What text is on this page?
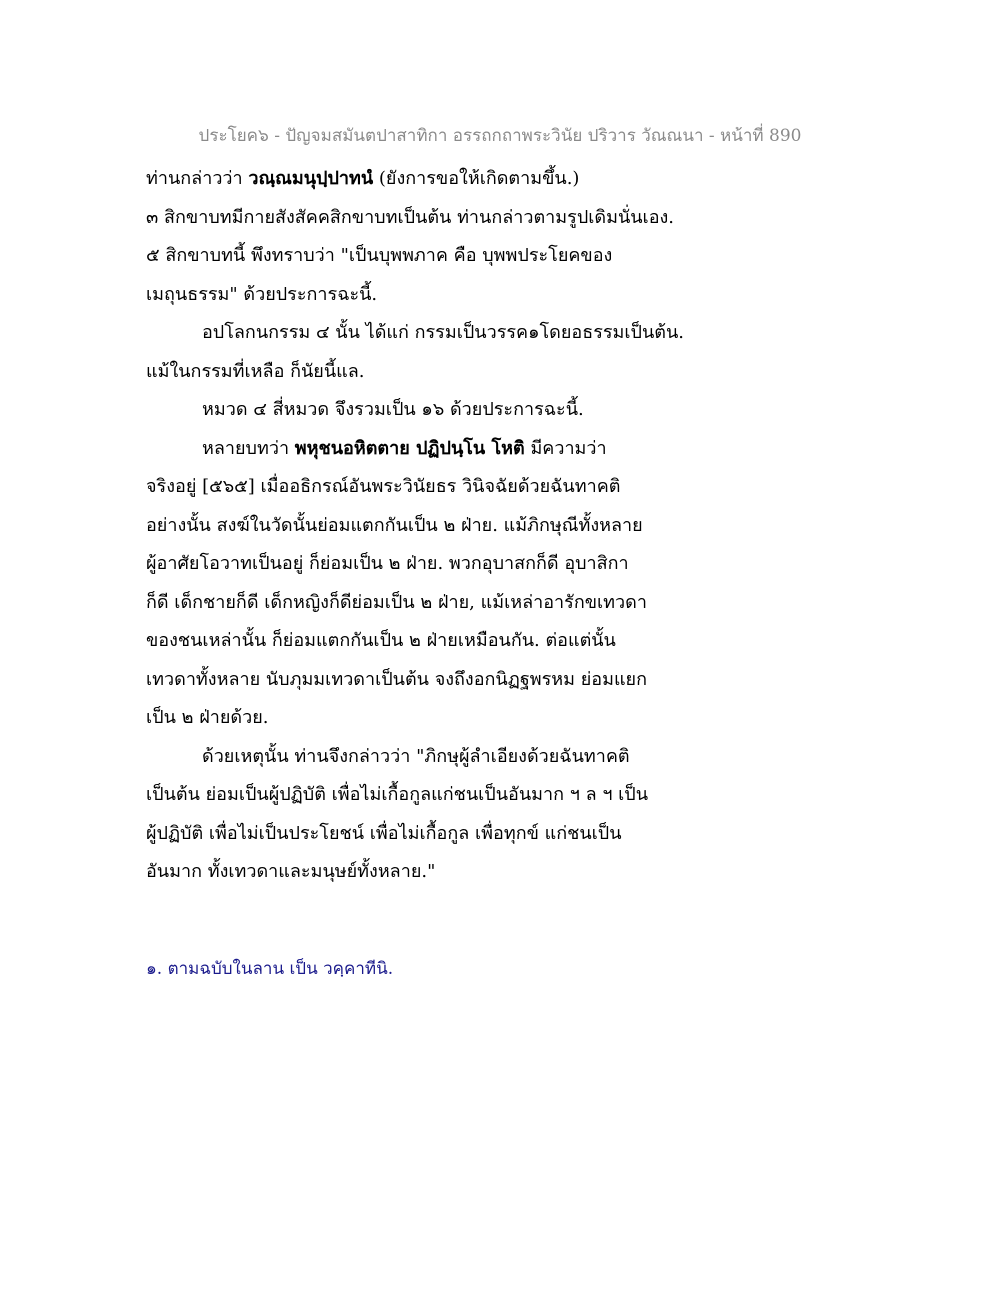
ประโยค๖ - ปัญจมสมันตปาสาทิกา อรรถกถาพระวินัย ปริวาร วัณณนา - หน้าที่ 890
ท่านกล่าวว่า วณฺณมนุปฺปาทนํ (ยังการขอให้เกิดตามขึ้น.)
๓ สิกขาบทมีกายสังสัคคสิกขาบทเป็นต้น ท่านกล่าวตามรูปเดิมนั่นเอง.
๕ สิกขาบทนี้ พึงทราบว่า "เป็นบุพพภาค คือ บุพพประโยคของ
เมถุนธรรม" ด้วยประการฉะนี้.
อปโลกนกรรม ๔ นั้น ได้แก่ กรรมเป็นวรรค๑โดยอธรรมเป็นต้น.
แม้ในกรรมที่เหลือ ก็นัยนี้แล.
หมวด ๔ สี่หมวด จึงรวมเป็น ๑๖ ด้วยประการฉะนี้.
หลายบทว่า พหุชนอหิตตาย ปฏิปนฺโน โหติ มีความว่า
จริงอยู่ [๕๖๕] เมื่ออธิกรณ์อันพระวินัยธร วินิจฉัยด้วยฉันทาคติ
อย่างนั้น สงฆ์ในวัดนั้นย่อมแตกกันเป็น ๒ ฝ่าย. แม้ภิกษุณีทั้งหลาย
ผู้อาศัยโอวาทเป็นอยู่ ก็ย่อมเป็น ๒ ฝ่าย. พวกอุบาสกก็ดี อุบาสิกา
ก็ดี เด็กชายก็ดี เด็กหญิงก็ดีย่อมเป็น ๒ ฝ่าย, แม้เหล่าอารักขเทวดา
ของชนเหล่านั้น ก็ย่อมแตกกันเป็น ๒ ฝ่ายเหมือนกัน. ต่อแต่นั้น
เทวดาทั้งหลาย นับภุมมเทวดาเป็นต้น จงถึงอกนิฏฐพรหม ย่อมแยก
เป็น ๒ ฝ่ายด้วย.
ด้วยเหตุนั้น ท่านจึงกล่าวว่า "ภิกษุผู้ลำเอียงด้วยฉันทาคติ
เป็นต้น ย่อมเป็นผู้ปฏิบัติ เพื่อไม่เกื้อกูลแก่ชนเป็นอันมาก ฯ ล ฯ เป็น
ผู้ปฏิบัติ เพื่อไม่เป็นประโยชน์ เพื่อไม่เกื้อกูล เพื่อทุกข์ แก่ชนเป็น
อันมาก ทั้งเทวดาและมนุษย์ทั้งหลาย."
๑. ตามฉบับในลาน เป็น วคฺคาทีนิ.
